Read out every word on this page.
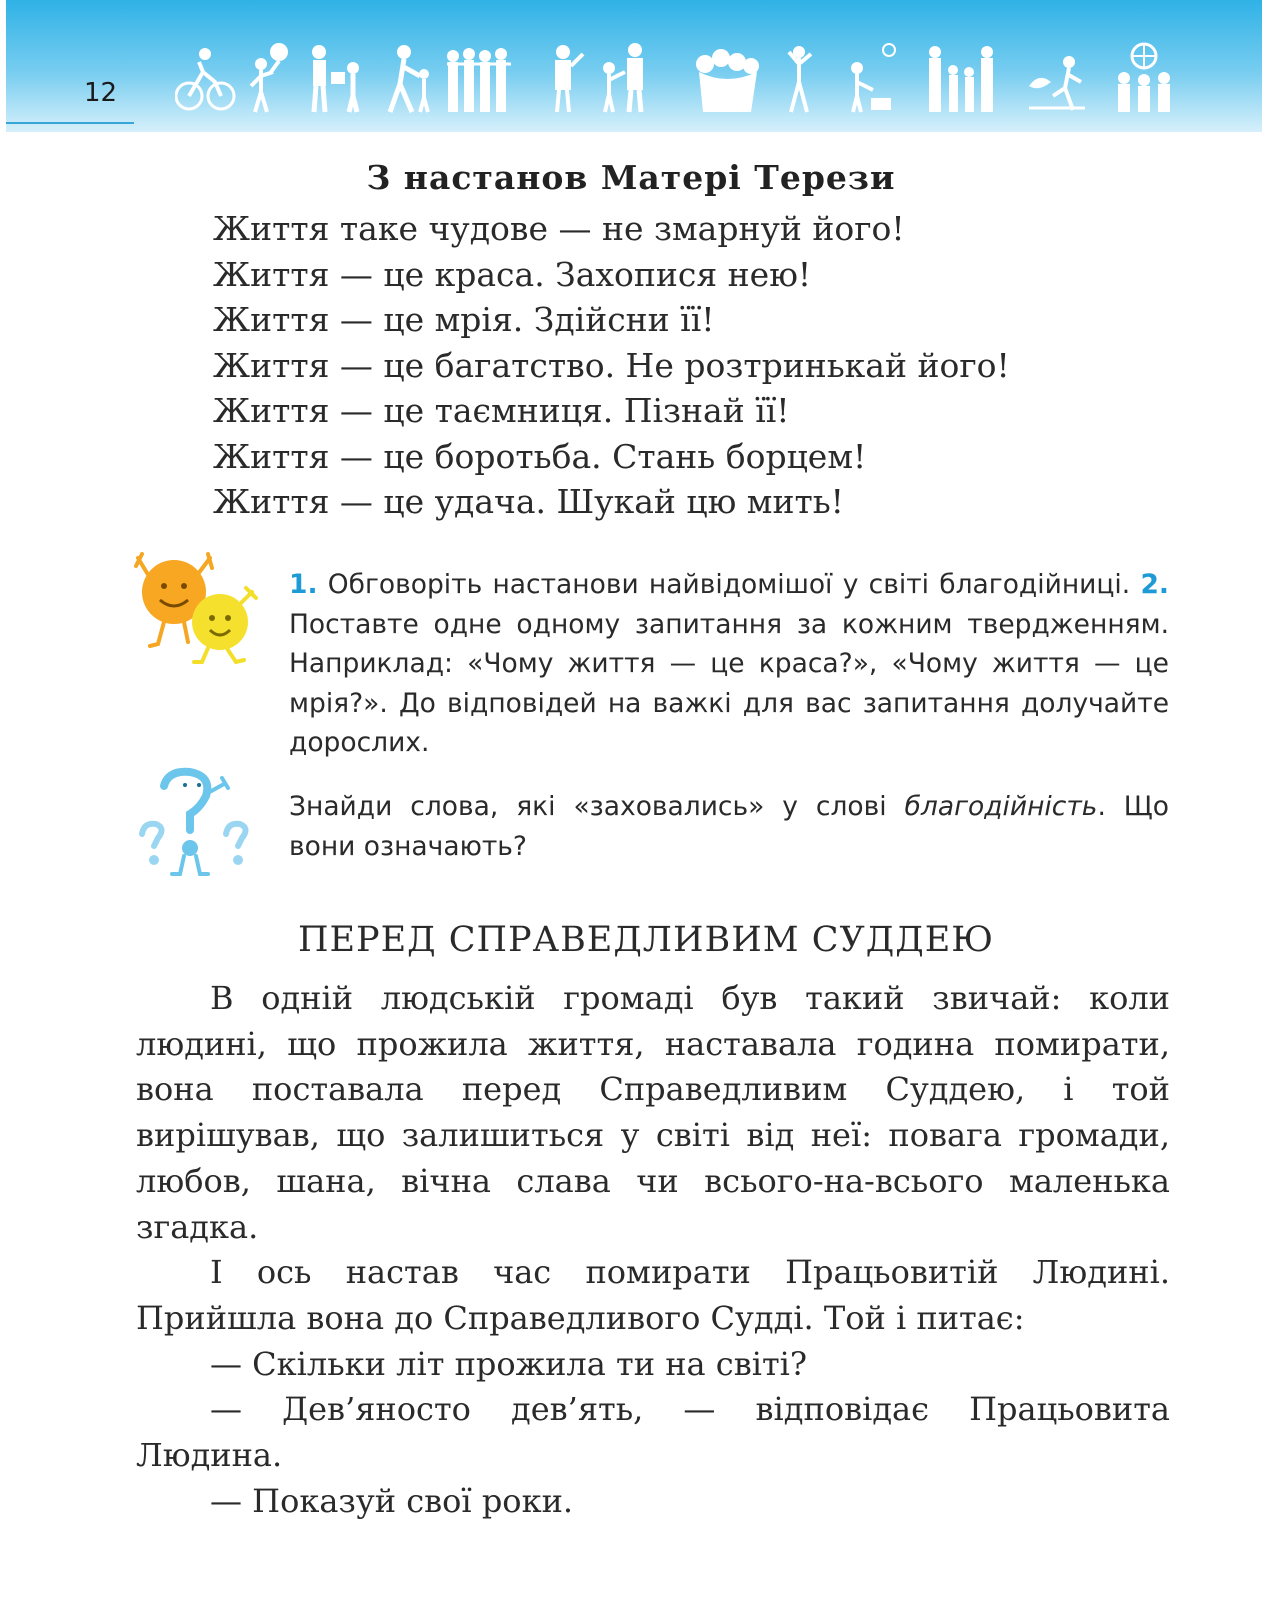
12
З настанов Матері Терези
Життя таке чудове — не змарнуй його!
Життя — це краса. Захопися нею!
Життя — це мрія. Здійсни її!
Життя — це багатство. Не розтринькай його!
Життя — це таємниця. Пізнай її!
Життя — це боротьба. Стань борцем!
Життя — це удача. Шукай цю мить!
1. Обговоріть настанови найвідомішої у світі благодійниці. 2. Поставте одне одному запитання за кожним твердженням. Наприклад: «Чому життя — це краса?», «Чому життя — це мрія?». До відповідей на важкі для вас запитання долучайте дорослих.
Знайди слова, які «заховались» у слові благодійність. Що вони означають?
ПЕРЕД СПРАВЕДЛИВИМ СУДДЕЮ

В одній людській громаді був такий звичай: коли людині, що прожила життя, наставала година помирати, вона поставала перед Справедливим Суддею, і той вирішував, що залишиться у світі від неї: повага громади, любов, шана, вічна слава чи всього-на-всього маленька згадка.

І ось настав час помирати Працьовитій Людині. Прийшла вона до Справедливого Судді. Той і питає:

— Скільки літ прожила ти на світі?

— Дев’яносто дев’ять, — відповідає Працьовита Людина.

— Показуй свої роки.
